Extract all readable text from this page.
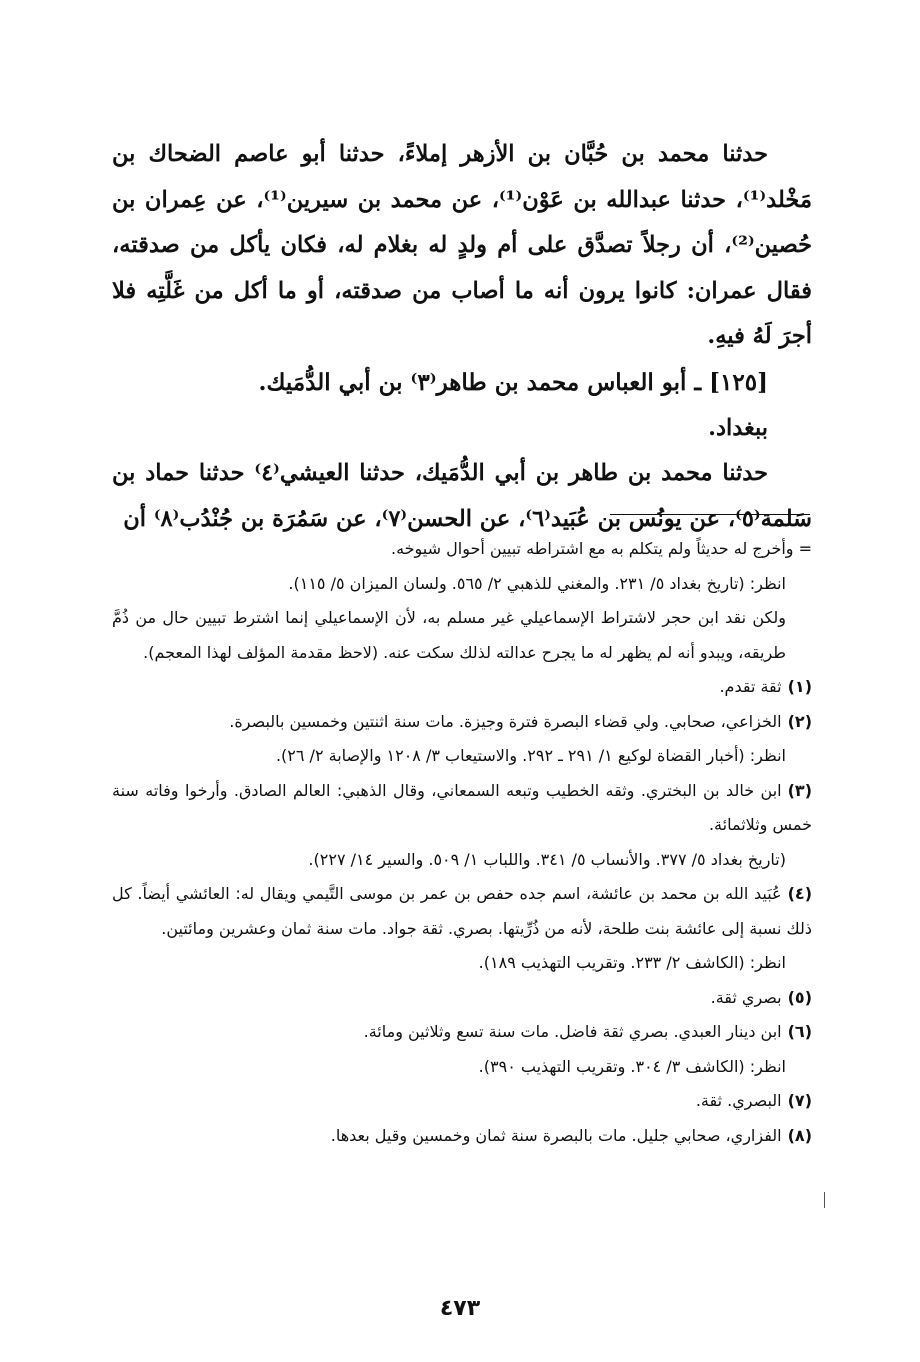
حدثنا محمد بن حُبَّان بن الأزهر إملاءً، حدثنا أبو عاصم الضحاك بن مَخْلد⁽¹⁾، حدثنا عبدالله بن عَوْن⁽¹⁾، عن محمد بن سيرين⁽¹⁾، عن عِمران بن حُصين⁽²⁾، أن رجلاً تصدَّق على أم ولدٍ له بغلام له، فكان يأكل من صدقته، فقال عمران: كانوا يرون أنه ما أصاب من صدقته، أو ما أكل من غَلَّتِه فلا أجرَ لَهُ فيهِ.

[١٢٥] ـ أبو العباس محمد بن طاهر⁽٣⁾ بن أبي الدُّمَيك.

ببغداد.

حدثنا محمد بن طاهر بن أبي الدُّمَيك، حدثنا العيشي⁽٤⁾ حدثنا حماد بن سَلمة⁽٥⁾، عن يونُس بن عُبَيد⁽٦⁾، عن الحسن⁽٧⁾، عن سَمُرَة بن جُنْدُب⁽٨⁾ أن

= وأخرج له حديثاً ولم يتكلم به مع اشتراطه تبيين أحوال شيوخه.

انظر: (تاريخ بغداد ٥/ ٢٣١. والمغني للذهبي ٢/ ٥٦٥. ولسان الميزان ٥/ ١١٥).

ولكن نقد ابن حجر لاشتراط الإسماعيلي غير مسلم به، لأن الإسماعيلي إنما اشترط تبيين حال من ذُمَّ طريقه، ويبدو أنه لم يظهر له ما يجرح عدالته لذلك سكت عنه. (لاحظ مقدمة المؤلف لهذا المعجم).

(١)ثقة تقدم.

(٢)الخزاعي، صحابي. ولي قضاء البصرة فترة وجيزة. مات سنة اثنتين وخمسين بالبصرة.

انظر: (أخبار القضاة لوكيع ١/ ٢٩١ ـ ٢٩٢. والاستيعاب ٣/ ١٢٠٨ والإصابة ٢/ ٢٦).

(٣)ابن خالد بن البختري. وثقه الخطيب وتبعه السمعاني، وقال الذهبي: العالم الصادق. وأرخوا وفاته سنة خمس وثلاثمائة.

(تاريخ بغداد ٥/ ٣٧٧. والأنساب ٥/ ٣٤١. واللباب ١/ ٥٠٩. والسير ١٤/ ٢٢٧).

(٤)عُبَيد الله بن محمد بن عائشة، اسم جده حفص بن عمر بن موسى التَّيمي ويقال له: العائشي أيضاً. كل ذلك نسبة إلى عائشة بنت طلحة، لأنه من ذُرِّيتها. بصري. ثقة جواد. مات سنة ثمان وعشرين ومائتين.

انظر: (الكاشف ٢/ ٢٣٣. وتقريب التهذيب ١٨٩).

(٥)بصري ثقة.

(٦)ابن دينار العبدي. بصري ثقة فاضل. مات سنة تسع وثلاثين ومائة.

انظر: (الكاشف ٣/ ٣٠٤. وتقريب التهذيب ٣٩٠).

(٧)البصري. ثقة.

(٨)الفزاري، صحابي جليل. مات بالبصرة سنة ثمان وخمسين وقيل بعدها.

٤٧٣
